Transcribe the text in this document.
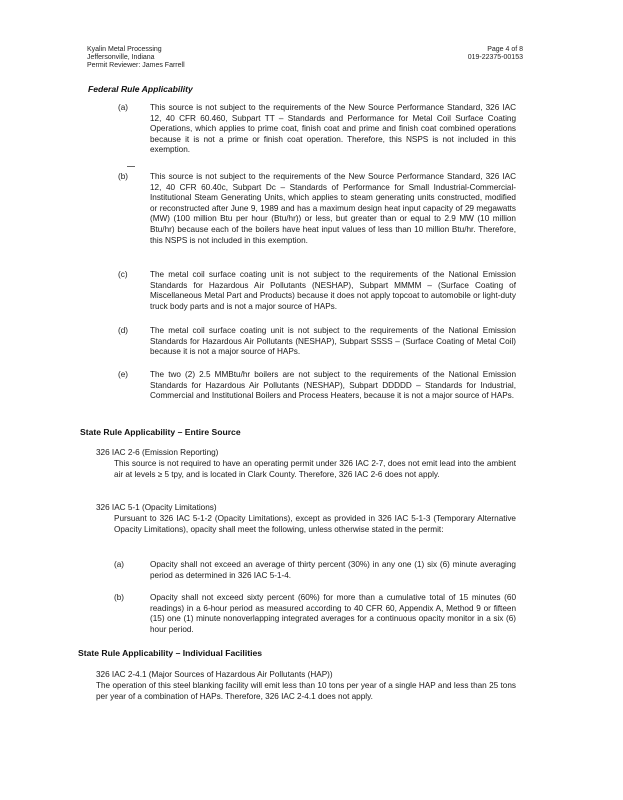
Kyalin Metal Processing
Jeffersonville, Indiana
Permit Reviewer: James Farrell
Page 4 of 8
019-22375-00153
Federal Rule Applicability
(a)	This source is not subject to the requirements of the New Source Performance Standard, 326 IAC 12, 40 CFR 60.460, Subpart TT – Standards and Performance for Metal Coil Surface Coating Operations, which applies to prime coat, finish coat and prime and finish coat combined operations because it is not a prime or finish coat operation. Therefore, this NSPS is not included in this exemption.
(b)	This source is not subject to the requirements of the New Source Performance Standard, 326 IAC 12, 40 CFR 60.40c, Subpart Dc – Standards of Performance for Small Industrial-Commercial-Institutional Steam Generating Units, which applies to steam generating units constructed, modified or reconstructed after June 9, 1989 and has a maximum design heat input capacity of 29 megawatts (MW) (100 million Btu per hour (Btu/hr)) or less, but greater than or equal to 2.9 MW (10 million Btu/hr) because each of the boilers have heat input values of less than 10 million Btu/hr. Therefore, this NSPS is not included in this exemption.
(c)	The metal coil surface coating unit is not subject to the requirements of the National Emission Standards for Hazardous Air Pollutants (NESHAP), Subpart MMMM – (Surface Coating of Miscellaneous Metal Part and Products) because it does not apply topcoat to automobile or light-duty truck body parts and is not a major source of HAPs.
(d)	The metal coil surface coating unit is not subject to the requirements of the National Emission Standards for Hazardous Air Pollutants (NESHAP), Subpart SSSS – (Surface Coating of Metal Coil) because it is not a major source of HAPs.
(e)	The two (2) 2.5 MMBtu/hr boilers are not subject to the requirements of the National Emission Standards for Hazardous Air Pollutants (NESHAP), Subpart DDDDD – Standards for Industrial, Commercial and Institutional Boilers and Process Heaters, because it is not a major source of HAPs.
State Rule Applicability – Entire Source
326 IAC 2-6 (Emission Reporting)
This source is not required to have an operating permit under 326 IAC 2-7, does not emit lead into the ambient air at levels ≥ 5 tpy, and is located in Clark County. Therefore, 326 IAC 2-6 does not apply.
326 IAC 5-1 (Opacity Limitations)
Pursuant to 326 IAC 5-1-2 (Opacity Limitations), except as provided in 326 IAC 5-1-3 (Temporary Alternative Opacity Limitations), opacity shall meet the following, unless otherwise stated in the permit:
(a)	Opacity shall not exceed an average of thirty percent (30%) in any one (1) six (6) minute averaging period as determined in 326 IAC 5-1-4.
(b)	Opacity shall not exceed sixty percent (60%) for more than a cumulative total of 15 minutes (60 readings) in a 6-hour period as measured according to 40 CFR 60, Appendix A, Method 9 or fifteen (15) one (1) minute nonoverlapping integrated averages for a continuous opacity monitor in a six (6) hour period.
State Rule Applicability – Individual Facilities
326 IAC 2-4.1 (Major Sources of Hazardous Air Pollutants (HAP))
The operation of this steel blanking facility will emit less than 10 tons per year of a single HAP and less than 25 tons per year of a combination of HAPs. Therefore, 326 IAC 2-4.1 does not apply.
